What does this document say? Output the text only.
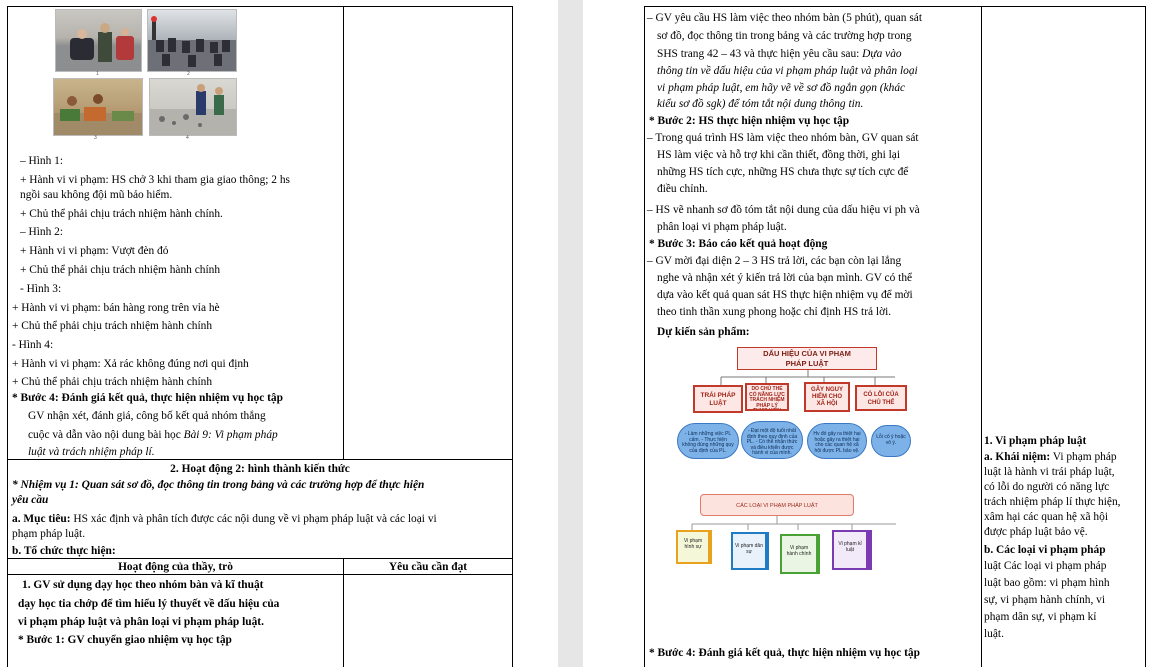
1	2
3	4
– Hình 1:
+ Hành vi vi phạm: HS chở 3 khi tham gia giao thông; 2 hs
ngồi sau không đội mũ bảo hiểm.
+ Chủ thể phải chịu trách nhiệm hành chính.
– Hình 2:
+ Hành vi vi phạm: Vượt đèn đỏ
+ Chủ thể phải chịu trách nhiệm hành chính
- Hình 3:
+ Hành vi vi phạm: bán hàng rong trên vỉa hè
+ Chủ thể phải chịu trách nhiệm hành chính
- Hình 4:
+ Hành vi vi phạm: Xả rác không đúng nơi qui định
+ Chủ thể phải chịu trách nhiệm hành chính
* Bước 4: Đánh giá kết quả, thực hiện nhiệm vụ học tập
GV nhận xét, đánh giá, công bố kết quả nhóm thắng
cuộc và dẫn vào nội dung bài học Bài 9: Vi phạm pháp
luật và trách nhiệm pháp lí.
2. Hoạt động 2: hình thành kiến thức
* Nhiệm vụ 1: Quan sát sơ đồ, đọc thông tin trong bảng và các trường hợp để thực hiện
yêu cầu
a. Mục tiêu: HS xác định và phân tích được các nội dung về vi phạm pháp luật và các loại vi
phạm pháp luật.
b. Tổ chức thực hiện:
Hoạt động của thầy, trò	Yêu cầu cần đạt
1. GV sử dụng dạy học theo nhóm bàn và kĩ thuật
dạy học tia chớp để tìm hiểu lý thuyết về dấu hiệu của
vi phạm pháp luật và phân loại vi phạm pháp luật.
* Bước 1: GV chuyển giao nhiệm vụ học tập
– GV yêu cầu HS làm việc theo nhóm bàn (5 phút), quan sát
sơ đồ, đọc thông tin trong bảng và các trường hợp trong
SHS trang 42 – 43 và thực hiện yêu cầu sau: Dựa vào
thông tin về dấu hiệu của vi phạm pháp luật và phân loại
vi phạm pháp luật, em hãy vẽ về sơ đồ ngắn gọn (khác
kiểu sơ đồ sgk) để tóm tắt nội dung thông tin.
* Bước 2: HS thực hiện nhiệm vụ học tập
– Trong quá trình HS làm việc theo nhóm bàn, GV quan sát
HS làm việc và hỗ trợ khi cần thiết, đồng thời, ghi lại
những HS tích cực, những HS chưa thực sự tích cực để
điều chỉnh.
– HS vẽ nhanh sơ đồ tóm tắt nội dung của dấu hiệu vi ph và
phân loại vi phạm pháp luật.
* Bước 3: Báo cáo kết quả hoạt động
– GV mời đại diện 2 – 3 HS trả lời, các bạn còn lại lắng
nghe và nhận xét ý kiến trả lời của bạn mình. GV có thể
dựa vào kết quả quan sát HS thực hiện nhiệm vụ để mời
theo tinh thần xung phong hoặc chỉ định HS trả lời.
Dự kiến sản phẩm:
DẤU HIỆU CỦA VI PHẠM
PHÁP LUẬT
TRÁI PHÁP LUẬT
DO CHỦ THỂ CÓ NĂNG LỰC TRÁCH NHIỆM PHÁP LÝ THỰC HIỆN
GÂY NGUY HIỂM CHO XÃ HỘI
CÓ LỖI CỦA CHỦ THỂ
- Làm những việc PL cấm. - Thực hiện không đúng những quy của định của PL.
- Đạt một độ tuổi nhất định theo quy định của PL. - Có thể nhận thức và điều khiển được hành vi của mình.
Hv đó gây ra thiệt hại hoặc gây ra thiệt hại cho các quan hệ xã hội được PL bảo vệ.
Lỗi cố ý hoặc vô ý.
CÁC LOẠI VI PHẠM PHÁP LUẬT
Vi phạm hình sự	Vi phạm dân sự
Vi phạm hành chính
Vi phạm kỉ luật
* Bước 4: Đánh giá kết quả, thực hiện nhiệm vụ học tập
1. Vi phạm pháp luật
a. Khái niệm: Vi phạm pháp
luật là hành vi trái pháp luật,
có lỗi do người có năng lực
trách nhiệm pháp lí thực hiện,
xâm hại các quan hệ xã hội
được pháp luật bảo vệ.
b. Các loại vi phạm pháp
luật Các loại vi phạm pháp
luật bao gồm: vi phạm hình
sự, vi phạm hành chính, vi
phạm dân sự, vi phạm kỉ
luật.
